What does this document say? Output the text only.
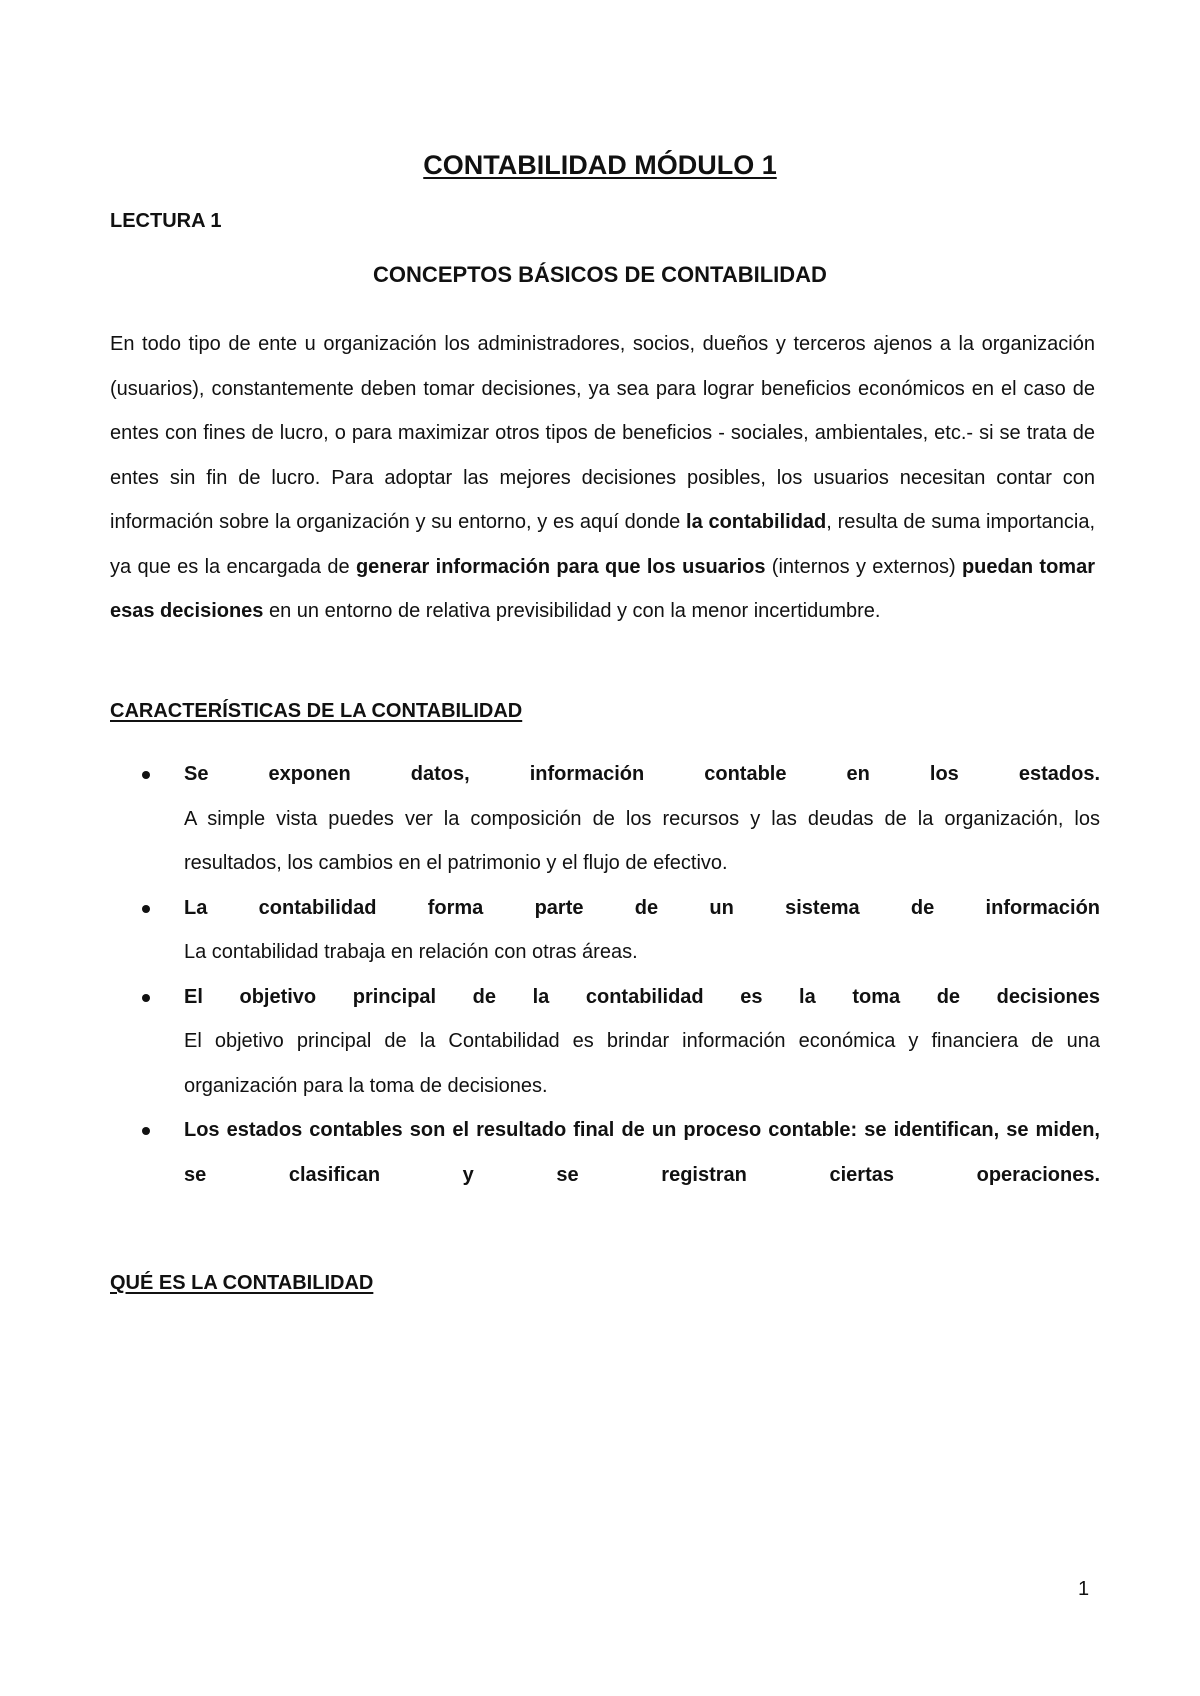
CONTABILIDAD MÓDULO 1

LECTURA 1

CONCEPTOS BÁSICOS DE CONTABILIDAD

En todo tipo de ente u organización los administradores, socios, dueños y terceros ajenos a la organización (usuarios), constantemente deben tomar decisiones, ya sea para lograr beneficios económicos en el caso de entes con fines de lucro, o para maximizar otros tipos de beneficios - sociales, ambientales, etc.- si se trata de entes sin fin de lucro. Para adoptar las mejores decisiones posibles, los usuarios necesitan contar con información sobre la organización y su entorno, y es aquí donde la contabilidad, resulta de suma importancia, ya que es la encargada de generar información para que los usuarios (internos y externos) puedan tomar esas decisiones en un entorno de relativa previsibilidad y con la menor incertidumbre.

CARACTERÍSTICAS DE LA CONTABILIDAD
Se exponen datos, información contable en los estados.
A simple vista puedes ver la composición de los recursos y las deudas de la organización, los resultados, los cambios en el patrimonio y el flujo de efectivo.
La contabilidad forma parte de un sistema de información
La contabilidad trabaja en relación con otras áreas.
El objetivo principal de la contabilidad es la toma de decisiones
El objetivo principal de la Contabilidad es brindar información económica y financiera de una organización para la toma de decisiones.
Los estados contables son el resultado final de un proceso contable: se identifican, se miden, se clasifican y se registran ciertas operaciones.
QUÉ ES LA CONTABILIDAD

1
